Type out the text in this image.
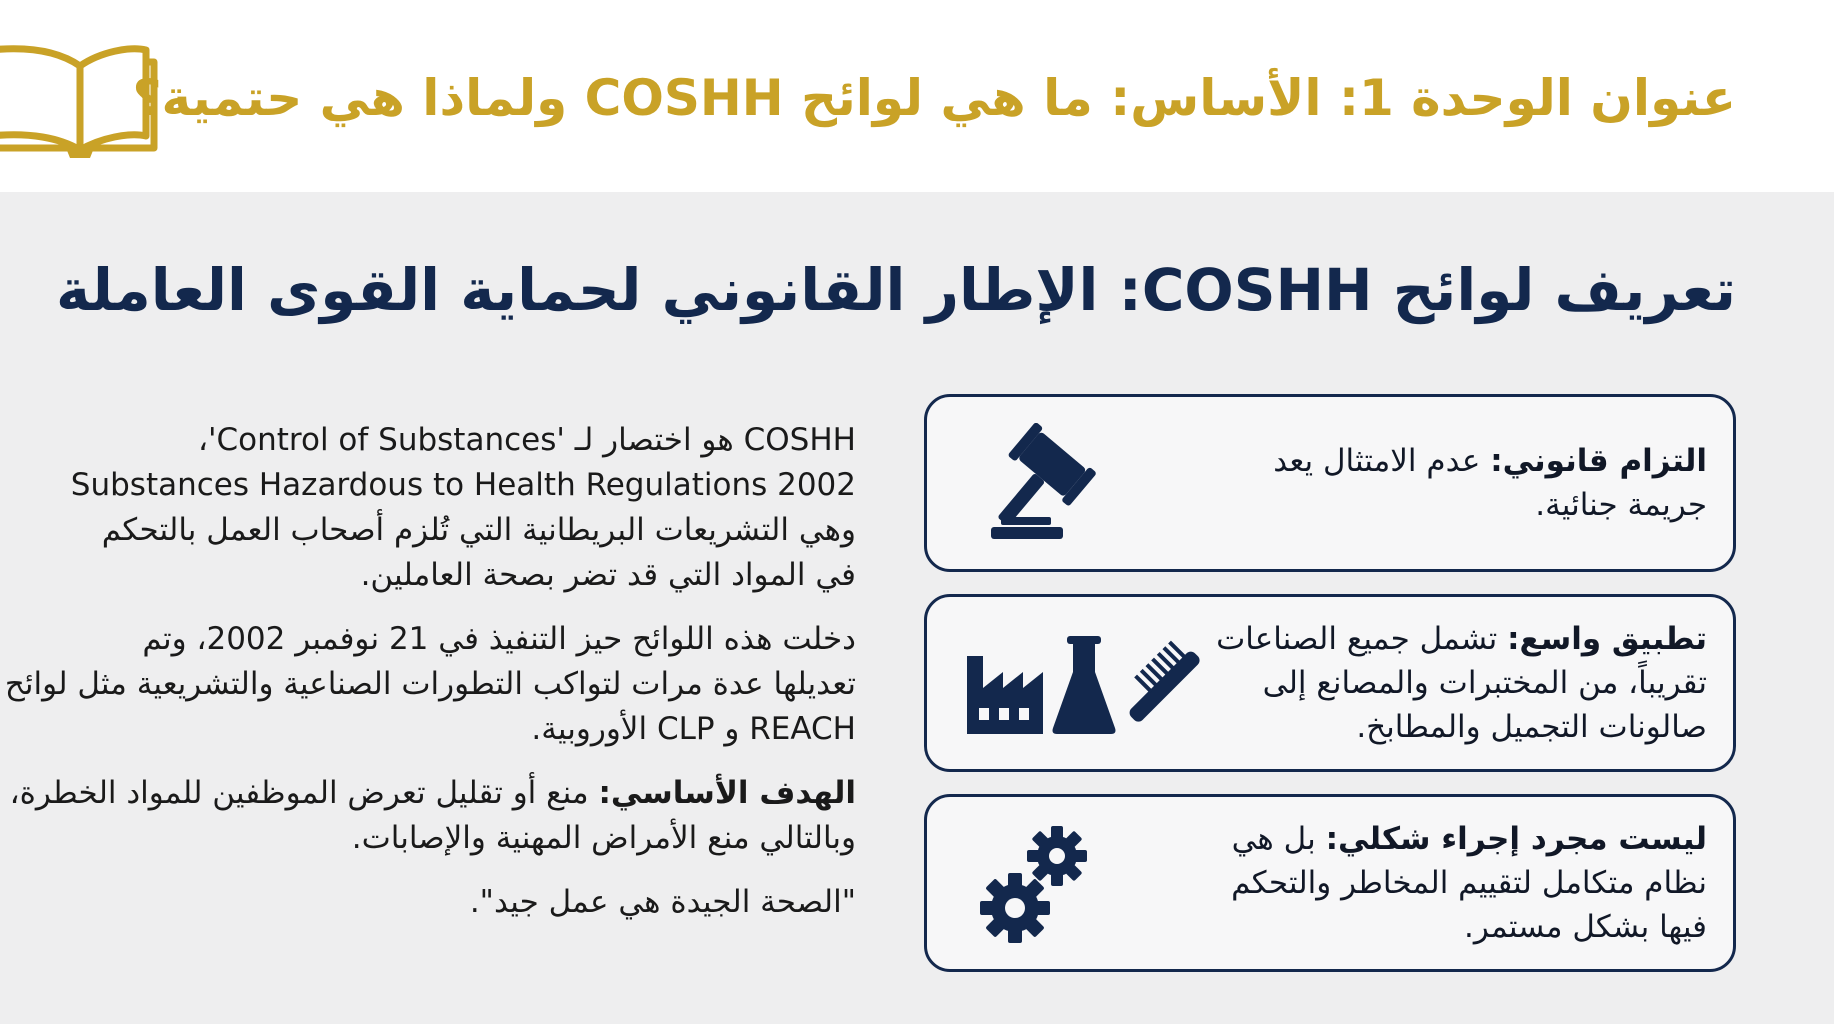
عنوان الوحدة 1: الأساس: ما هي لوائح COSHH ولماذا هي حتمية؟
تعريف لوائح COSHH: الإطار القانوني لحماية القوى العاملة

COSHH هو اختصار لـ 'Control of Substances'،
Substances Hazardous to Health Regulations 2002
وهي التشريعات البريطانية التي تُلزم أصحاب العمل بالتحكم
في المواد التي قد تضر بصحة العاملين.

دخلت هذه اللوائح حيز التنفيذ في 21 نوفمبر 2002، وتم
تعديلها عدة مرات لتواكب التطورات الصناعية والتشريعية مثل لوائح
REACH و CLP الأوروبية.

الهدف الأساسي: منع أو تقليل تعرض الموظفين للمواد الخطرة، وبالتالي منع الأمراض المهنية والإصابات.

"الصحة الجيدة هي عمل جيد".

التزام قانوني: عدم الامتثال يعد جريمة جنائية.
تطبيق واسع: تشمل جميع الصناعات تقريباً، من المختبرات والمصانع إلى صالونات التجميل والمطابخ.
ليست مجرد إجراء شكلي: بل هي نظام متكامل لتقييم المخاطر والتحكم فيها بشكل مستمر.
